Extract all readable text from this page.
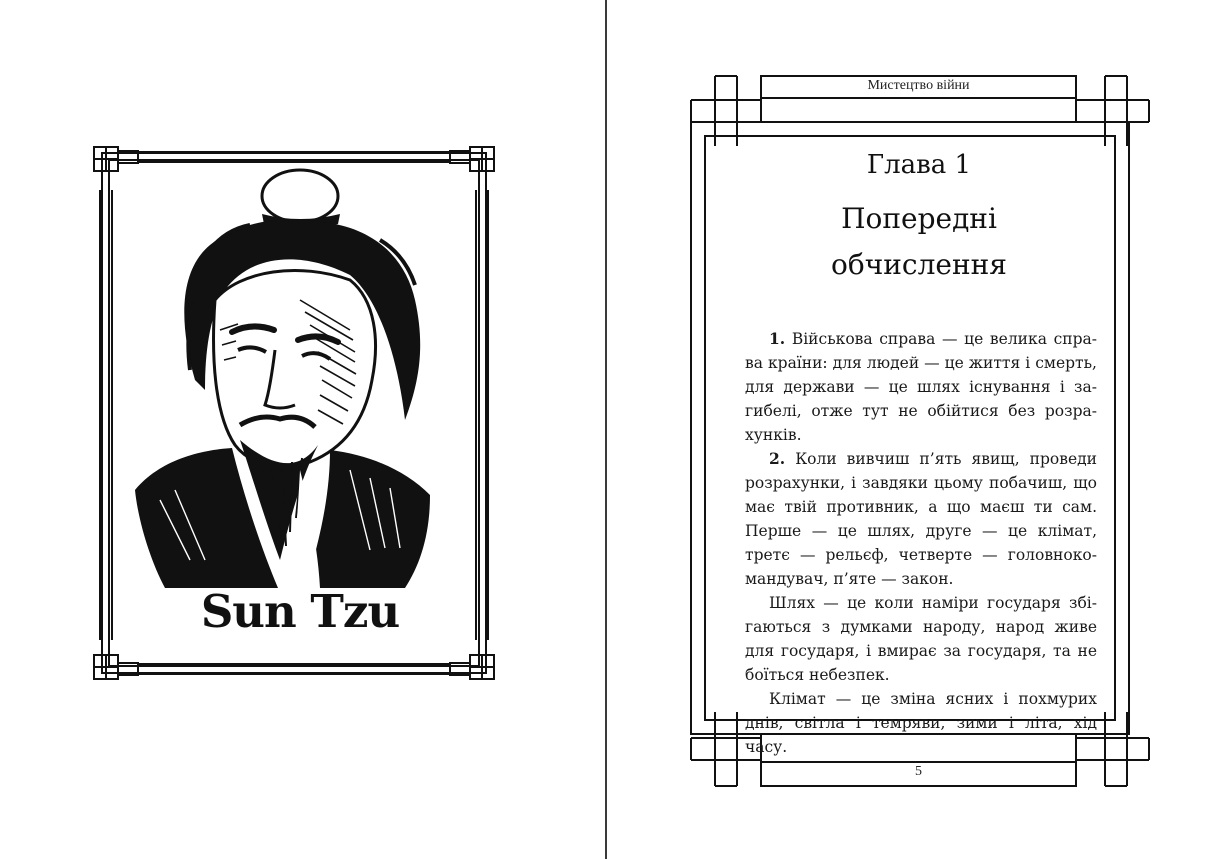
Sun Tzu
Мистецтво війни
Глава 1
Попередні обчислення

1. Військова справа — це велика справа країни: для людей — це життя і смерть, для держави — це шлях існування і загибелі, отже тут не обійтися без розрахунків.

2. Коли вивчиш п’ять явищ, проведи розрахунки, і завдяки цьому побачиш, що має твій противник, а що маєш ти сам. Перше — це шлях, друге — це клімат, третє — рельєф, четверте — головнокомандувач, п’яте — закон.

Шлях — це коли наміри государя збігаються з думками народу, народ живе для государя, і вмирає за государя, та не боїться небезпек.

Клімат — це зміна ясних і похмурих днів, світла і темряви, зими і літа, хід часу.

5
